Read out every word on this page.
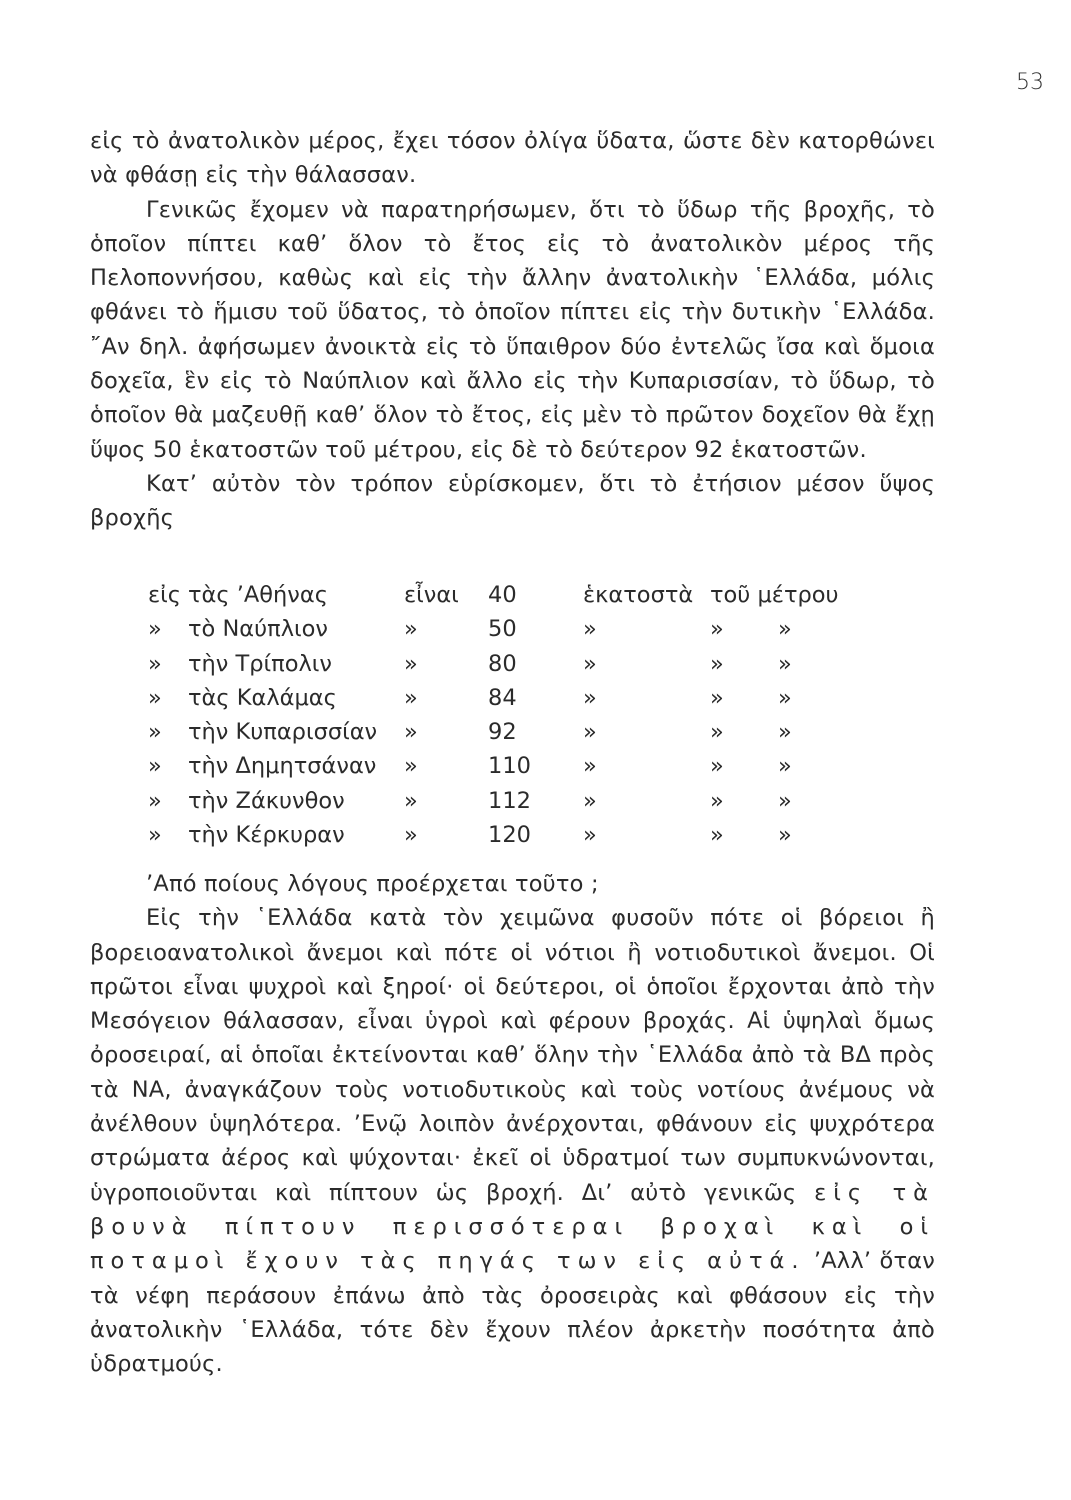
53

εἰς τὸ ἀνατολικὸν μέρος, ἔχει τόσον ὀλίγα ὕδατα, ὥστε δὲν κατορθώνει νὰ φθάσῃ εἰς τὴν θάλασσαν.

Γενικῶς ἔχομεν νὰ παρατηρήσωμεν, ὅτι τὸ ὕδωρ τῆς βροχῆς, τὸ ὁποῖον πίπτει καθ’ ὅλον τὸ ἔτος εἰς τὸ ἀνατολικὸν μέρος τῆς Πελοποννήσου, καθὼς καὶ εἰς τὴν ἄλλην ἀνατολικὴν ῾Ελλάδα, μόλις φθάνει τὸ ἥμισυ τοῦ ὕδατος, τὸ ὁποῖον πίπτει εἰς τὴν δυτικὴν ῾Ελλάδα. ῎Αν δηλ. ἀφήσωμεν ἀνοικτὰ εἰς τὸ ὕπαιθρον δύο ἐντελῶς ἴσα καὶ ὅμοια δοχεῖα, ἓν εἰς τὸ Ναύπλιον καὶ ἄλλο εἰς τὴν Κυπαρισσίαν, τὸ ὕδωρ, τὸ ὁποῖον θὰ μαζευθῇ καθ’ ὅλον τὸ ἔτος, εἰς μὲν τὸ πρῶτον δοχεῖον θὰ ἔχῃ ὕψος 50 ἑκατοστῶν τοῦ μέτρου, εἰς δὲ τὸ δεύτερον 92 ἑκατοστῶν.

Κατ’ αὐτὸν τὸν τρόπον εὑρίσκομεν, ὅτι τὸ ἐτήσιον μέσον ὕψος βροχῆς

εἰς τὰς ’Αθήνας	εἶναι	40	ἑκατοστὰ	τοῦ μέτρου	
» τὸ Ναύπλιον	»	50	»	»	»
» τὴν Τρίπολιν	»	80	»	»	»
» τὰς Καλάμας	»	84	»	»	»
» τὴν Κυπαρισσίαν	»	92	»	»	»
» τὴν Δημητσάναν	»	110	»	»	»
» τὴν Ζάκυνθον	»	112	»	»	»
» τὴν Κέρκυραν	»	120	»	»	»

’Από ποίους λόγους προέρχεται τοῦτο ;

Εἰς τὴν ῾Ελλάδα κατὰ τὸν χειμῶνα φυσοῦν πότε οἱ βόρειοι ἢ βορειοανατολικοὶ ἄνεμοι καὶ πότε οἱ νότιοι ἢ νοτιοδυτικοὶ ἄνεμοι. Οἱ πρῶτοι εἶναι ψυχροὶ καὶ ξηροί· οἱ δεύτεροι, οἱ ὁποῖοι ἔρχονται ἀπὸ τὴν Μεσόγειον θάλασσαν, εἶναι ὑγροὶ καὶ φέρουν βροχάς. Αἱ ὑψηλαὶ ὅμως ὀροσειραί, αἱ ὁποῖαι ἐκτείνονται καθ’ ὅλην τὴν ῾Ελλάδα ἀπὸ τὰ ΒΔ πρὸς τὰ ΝΑ, ἀναγκάζουν τοὺς νοτιοδυτικοὺς καὶ τοὺς νοτίους ἀνέμους νὰ ἀνέλθουν ὑψηλότερα. ’Ενῷ λοιπὸν ἀνέρχονται, φθάνουν εἰς ψυχρότερα στρώματα ἀέρος καὶ ψύχονται· ἐκεῖ οἱ ὑδρατμοί των συμπυκνώνονται, ὑγροποιοῦνται καὶ πίπτουν ὡς βροχή. Δι’ αὐτὸ γενικῶς εἰς τὰ βουνὰ πίπτουν περισσότεραι βροχαὶ καὶ οἱ ποταμοὶ ἔχουν τὰς πηγάς των εἰς αὐτά. ’Αλλ’ ὅταν τὰ νέφη περάσουν ἐπάνω ἀπὸ τὰς ὀροσειρὰς καὶ φθάσουν εἰς τὴν ἀνατολικὴν ῾Ελλάδα, τότε δὲν ἔχουν πλέον ἀρκετὴν ποσότητα ἀπὸ ὑδρατμούς.
